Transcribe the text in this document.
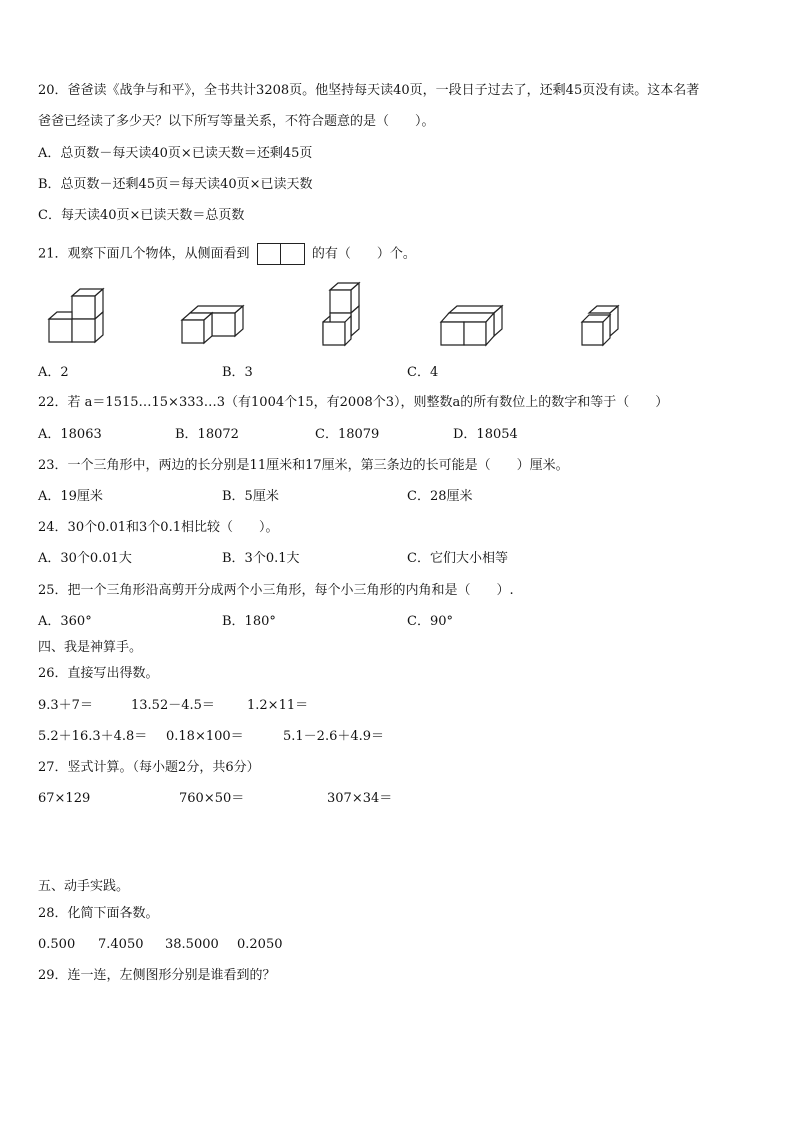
20．爸爸读《战争与和平》，全书共计3208页。他坚持每天读40页，一段日子过去了，还剩45页没有读。这本名著
爸爸已经读了多少天？以下所写等量关系，不符合题意的是（　　）。
A．总页数－每天读40页×已读天数＝还剩45页
B．总页数－还剩45页＝每天读40页×已读天数
C．每天读40页×已读天数＝总页数
21．观察下面几个物体，从侧面看到	的有（　　）个。
A．2	B．3	C．4
22．若 a＝1515…15×333…3（有1004个15，有2008个3），则整数a的所有数位上的数字和等于（　　）
A．18063	B．18072	C．18079	D．18054
23．一个三角形中，两边的长分别是11厘米和17厘米，第三条边的长可能是（　　）厘米。
A．19厘米	B．5厘米	C．28厘米
24．30个0.01和3个0.1相比较（　　）。
A．30个0.01大	B．3个0.1大	C．它们大小相等
25．把一个三角形沿高剪开分成两个小三角形，每个小三角形的内角和是（　　）.
A．360°	B．180°	C．90°
四、我是神算手。
26．直接写出得数。
9.3＋7＝	13.52－4.5＝ 1.2×11＝
5.2＋16.3＋4.8＝ 0.18×100＝	5.1－2.6＋4.9＝
27．竖式计算。（每小题2分，共6分）
67×129	760×50＝	307×34＝
五、动手实践。
28．化简下面各数。
0.500 7.4050 38.5000 0.2050
29．连一连，左侧图形分别是谁看到的？
